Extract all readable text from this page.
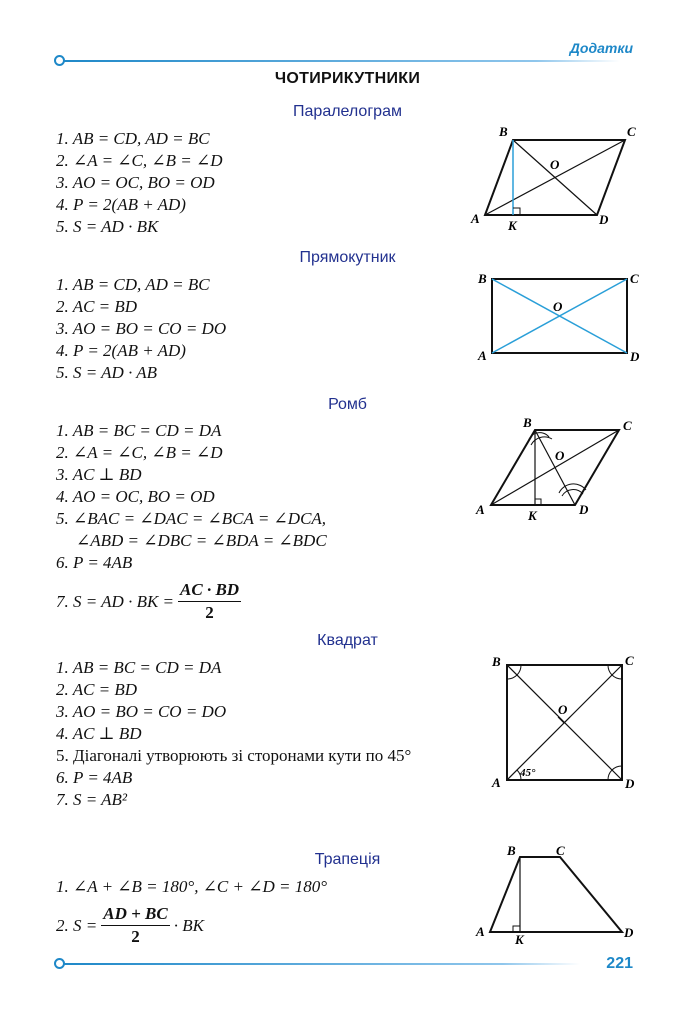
Додатки
ЧОТИРИКУТНИКИ
Паралелограм
1. AB = CD, AD = BC
2. ∠A = ∠C, ∠B = ∠D
3. AO = OC, BO = OD
4. P = 2(AB + AD)
5. S = AD · BK
B	C
A	D
O
K
Прямокутник
1. AB = CD, AD = BC
2. AC = BD
3. AO = BO = CO = DO
4. P = 2(AB + AD)
5. S = AD · AB
B	C
A	D
O
Ромб
1. AB = BC = CD = DA
2. ∠A = ∠C, ∠B = ∠D
3. AC ⊥ BD
4. AO = OC, BO = OD
5. ∠BAC = ∠DAC = ∠BCA = ∠DCA,
∠ABD = ∠DBC = ∠BDA = ∠BDC
6. P = 4AB
7. S = AD · BK = $\frac{AC \cdot BD}{2}$
B	C
A	D
O
K
Квадрат
1. AB = BC = CD = DA
2. AC = BD
3. AO = BO = CO = DO
4. AC ⊥ BD
5. Діагоналі утворюють зі сторонами кути по 45°
6. P = 4AB
7. S = AB²
B	C
A	D
O
45°
Трапеція
1. ∠A + ∠B = 180°, ∠C + ∠D = 180°
2. $S = \frac{AD + BC}{2}$ · BK
B	C
A	D
K
221
